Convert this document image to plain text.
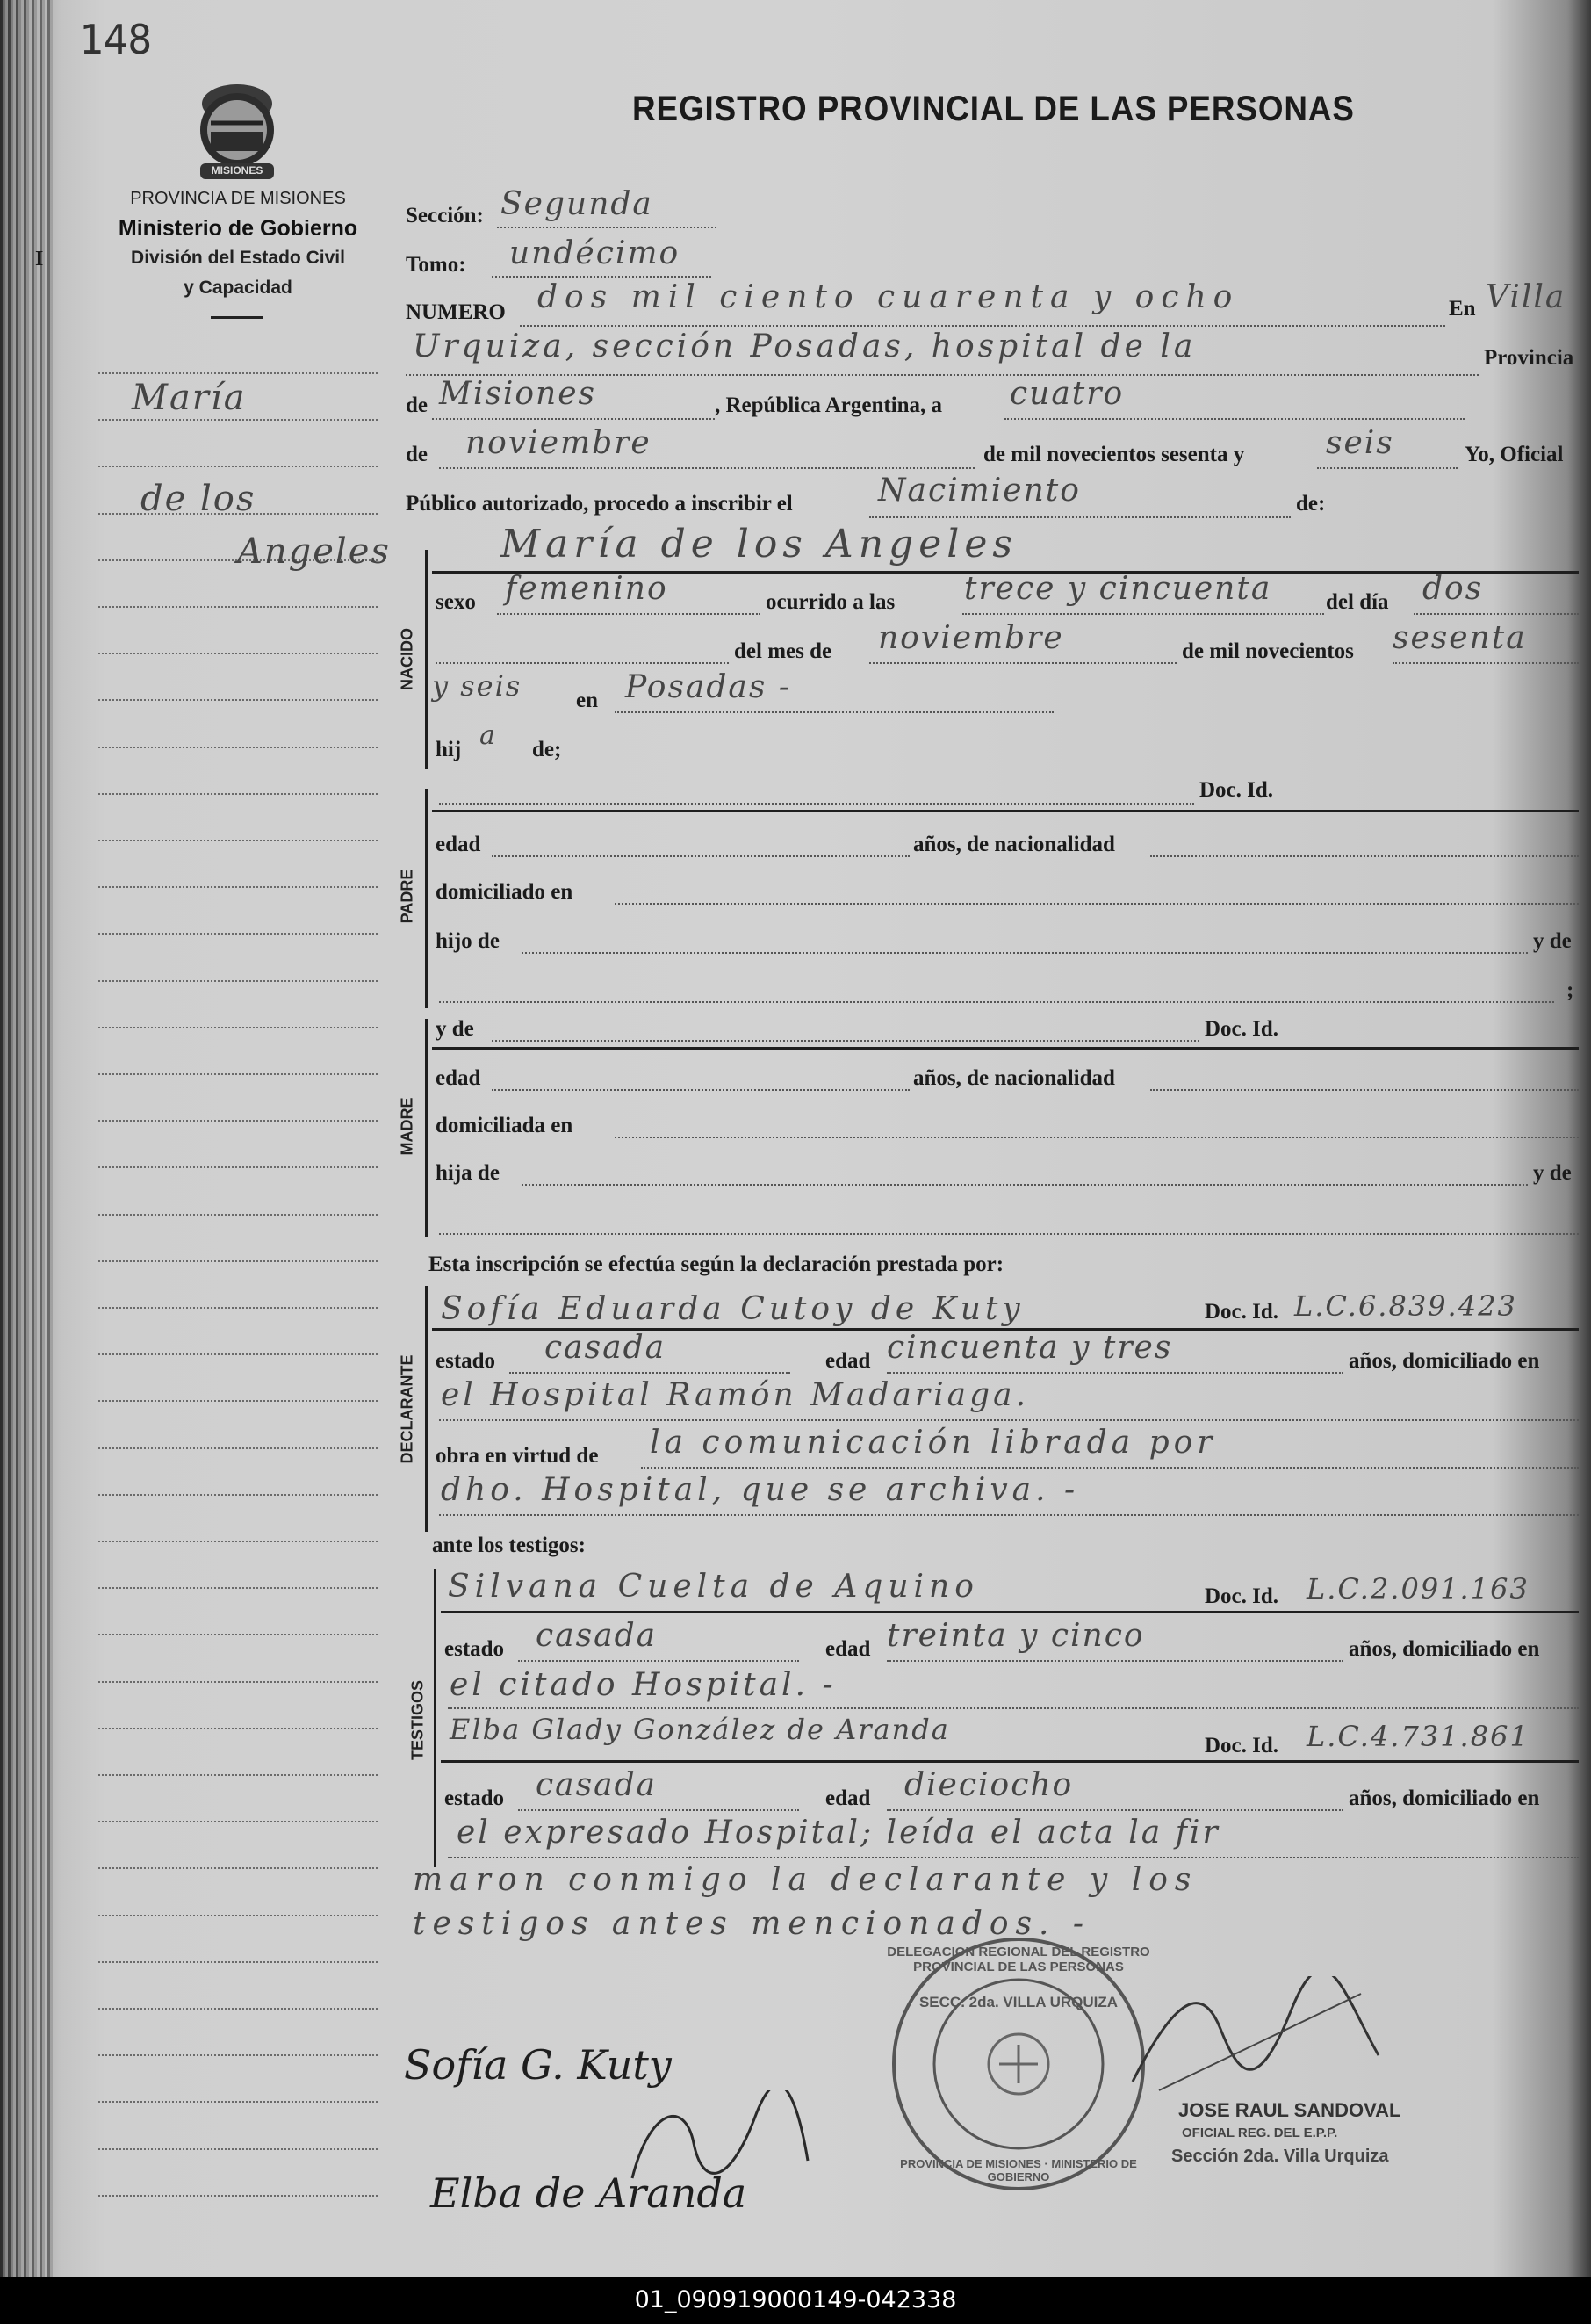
148
MISIONES
PROVINCIA DE MISIONES
Ministerio de Gobierno
División del Estado Civil
y Capacidad
I
REGISTRO PROVINCIAL DE LAS PERSONAS
María
de los
Angeles
Sección: Segunda
Tomo: undécimo
NUMERO dos mil ciento cuarenta y ocho	En Villa
Urquiza, sección Posadas, hospital de la	Provincia
de Misiones	, República Argentina, a cuatro
de noviembre	de mil novecientos sesenta y	seis	Yo, Oficial
Público autorizado, procedo a inscribir el	Nacimiento	de:
NACIDO
María de los Angeles
sexo femenino	ocurrido a las trece y cincuenta del día dos
del mes de noviembre	de mil novecientos sesenta
y seis en Posadas -
hij a de;
Doc. Id.
PADRE
edad	años, de nacionalidad
domiciliado en
hijo de	y de
;
MADRE
y de	Doc. Id.
edad	años, de nacionalidad
domiciliada en
hija de	y de
Esta inscripción se efectúa según la declaración prestada por:
DECLARANTE
Sofía Eduarda Cutoy de Kuty	Doc. Id. L.C.6.839.423
estado casada	edad cincuenta y tres	años, domiciliado en
el Hospital Ramón Madariaga.
obra en virtud de la comunicación librada por
dho. Hospital, que se archiva. -
ante los testigos:
TESTIGOS
Silvana Cuelta de Aquino	Doc. Id. L.C.2.091.163
estado casada	edad treinta y cinco	años, domiciliado en
el citado Hospital. -
Elba Glady González de Aranda	Doc. Id. L.C.4.731.861
estado casada	edad dieciocho	años, domiciliado en
el expresado Hospital; leída el acta la fir
maron conmigo la declarante y los
testigos antes mencionados. -
DELEGACION REGIONAL DEL REGISTRO PROVINCIAL DE LAS PERSONAS
SECC. 2da. VILLA URQUIZA
PROVINCIA DE MISIONES · MINISTERIO DE GOBIERNO
JOSE RAUL SANDOVAL
OFICIAL REG. DEL E.P.P.
Sección 2da. Villa Urquiza
Sofía G. Kuty
Elba de Aranda
01_090919000149-042338
